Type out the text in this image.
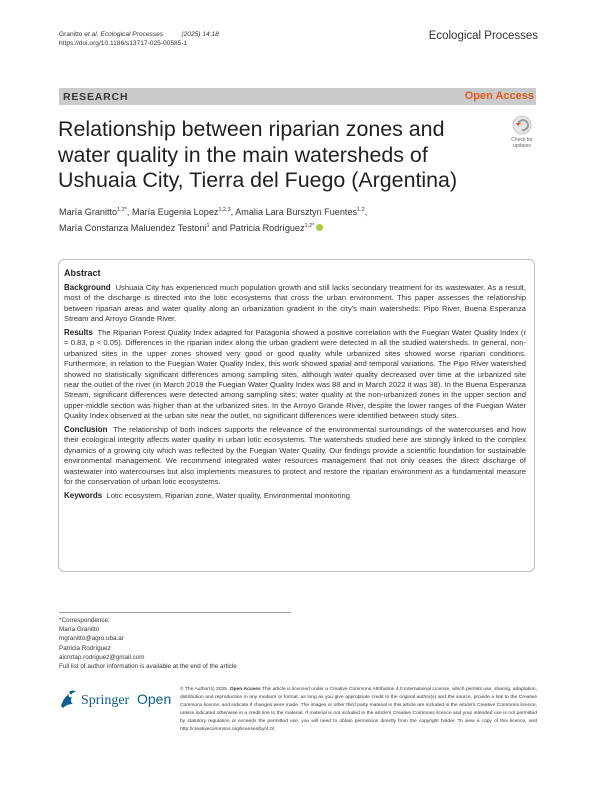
Granitto et al. Ecological Processes	(2025) 14:18
https://doi.org/10.1186/s13717-025-00585-1
Ecological Processes
RESEARCH	Open Access
Relationship between riparian zones and water quality in the main watersheds of Ushuaia City, Tierra del Fuego (Argentina)
Check for
updates
María Granitto$^{1,2*}$, María Eugenia Lopez$^{1,2,3}$, Amalia Lara Bursztyn Fuentes$^{1,2}$,
María Constanza Maluendez Testoni$^1$ and Patricia Rodríguez$^{1,2*}$
Abstract

Background Ushuaia City has experienced much population growth and still lacks secondary treatment for its wastewater. As a result, most of the discharge is directed into the lotic ecosystems that cross the urban environment. This paper assesses the relationship between riparian areas and water quality along an urbanization gradient in the city's main watersheds: Pipo River, Buena Esperanza Stream and Arroyo Grande River.

Results The Riparian Forest Quality Index adapted for Patagonia showed a positive correlation with the Fuegian Water Quality Index (r = 0.83, p < 0.05). Differences in the riparian index along the urban gradient were detected in all the studied watersheds. In general, non-urbanized sites in the upper zones showed very good or good quality while urbanized sites showed worse riparian conditions. Furthermore, in relation to the Fuegian Water Quality Index, this work showed spatial and temporal variations. The Pipo River watershed showed no statistically significant differences among sampling sites, although water quality decreased over time at the urbanized site near the outlet of the river (in March 2018 the Fuegian Water Quality Index was 88 and in March 2022 it was 38). In the Buena Esperanza Stream, significant differences were detected among sampling sites; water quality at the non-urbanized zones in the upper section and upper-middle section was higher than at the urbanized sites. In the Arroyo Grande River, despite the lower ranges of the Fuegian Water Quality Index observed at the urban site near the outlet, no significant differences were identified between study sites.

Conclusion The relationship of both indices supports the relevance of the environmental surroundings of the watercourses and how their ecological integrity affects water quality in urban lotic ecosystems. The watersheds studied here are strongly linked to the complex dynamics of a growing city which was reflected by the Fuegian Water Quality. Our findings provide a scientific foundation for sustainable environmental management. We recommend integrated water resources management that not only ceases the direct discharge of wastewater into watercourses but also implements measures to protect and restore the riparian environment as a fundamental measure for the conservation of urban lotic ecosystems.

Keywords Lotic ecosystem, Riparian zone, Water quality, Environmental monitoring

*Correspondence:
María Granitto
mgranitto@agro.uba.ar
Patricia Rodríguez
aicnrtap.rodriguez@gmail.com
Full list of author information is available at the end of the article
Springer Open
© The Author(s) 2025. Open Access This article is licensed under a Creative Commons Attribution 4.0 International License, which permits use, sharing, adaptation, distribution and reproduction in any medium or format, as long as you give appropriate credit to the original author(s) and the source, provide a link to the Creative Commons licence, and indicate if changes were made. The images or other third party material in this article are included in the article's Creative Commons licence, unless indicated otherwise in a credit line to the material. If material is not included in the article's Creative Commons licence and your intended use is not permitted by statutory regulation or exceeds the permitted use, you will need to obtain permission directly from the copyright holder. To view a copy of this licence, visit http://creativecommons.org/licenses/by/4.0/.
